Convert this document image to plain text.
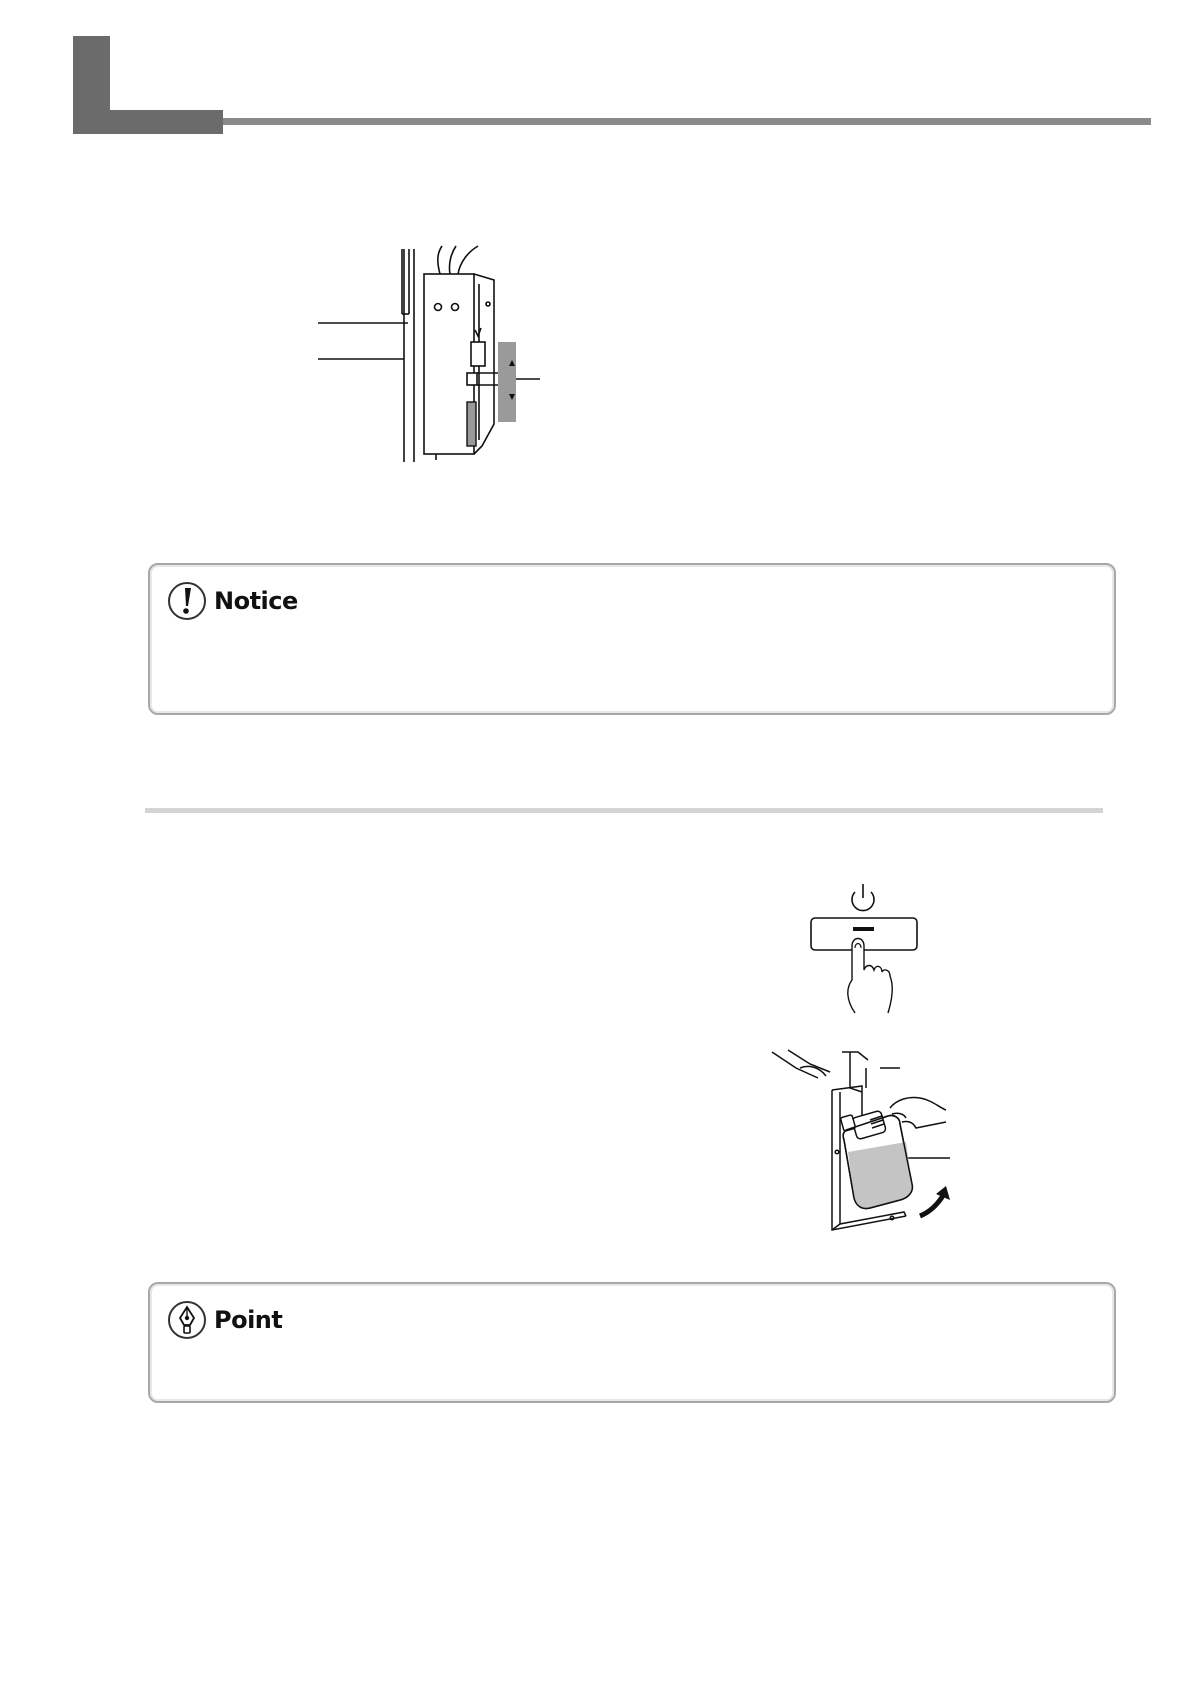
Notice
Point
